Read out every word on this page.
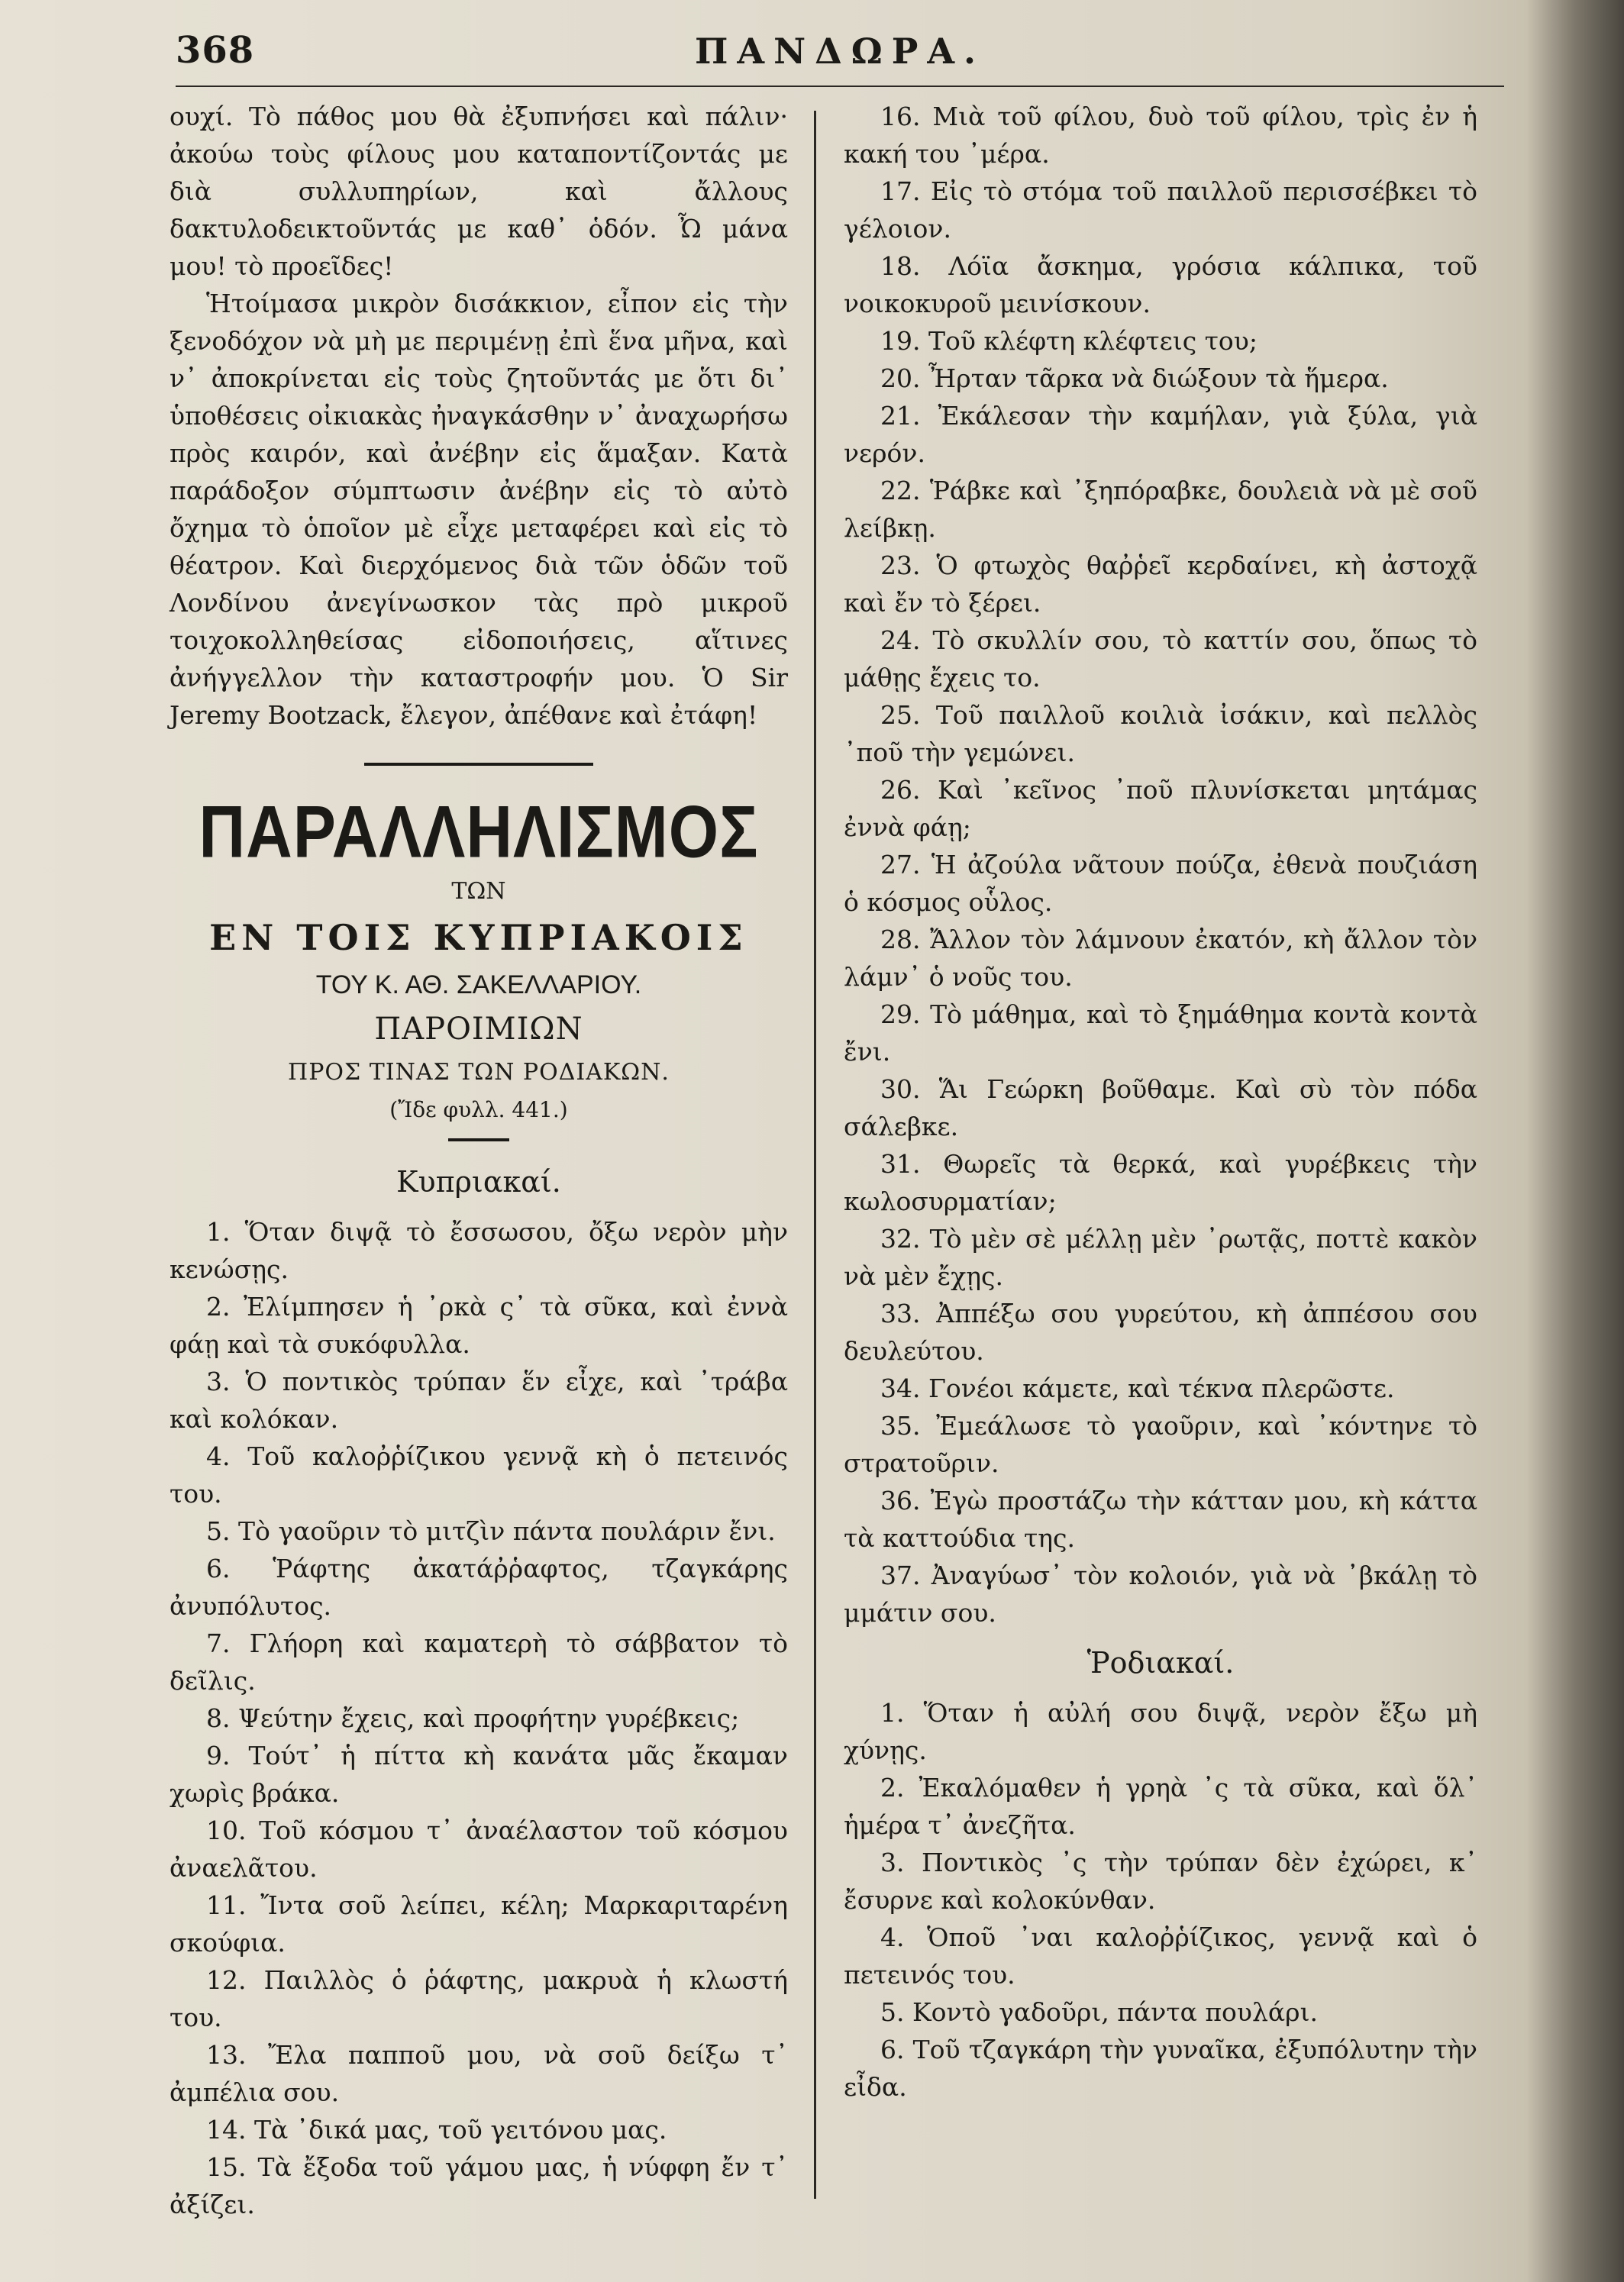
368	ΠΑΝΔΩΡΑ.

ουχί. Τὸ πάθος μου θὰ ἐξυπνήσει καὶ πάλιν· ἀκούω τοὺς φίλους μου καταποντίζοντάς με διὰ συλλυπηρίων, καὶ ἄλλους δακτυλοδεικτοῦντάς με καθ᾿ ὁδόν. Ὦ μάνα μου! τὸ προεῖδες!

Ἡτοίμασα μικρὸν δισάκκιον, εἶπον εἰς τὴν ξενοδόχον νὰ μὴ με περιμένῃ ἐπὶ ἕνα μῆνα, καὶ ν᾿ ἀποκρίνεται εἰς τοὺς ζητοῦντάς με ὅτι δι᾿ ὑποθέσεις οἰκιακὰς ἠναγκάσθην ν᾿ ἀναχωρήσω πρὸς καιρόν, καὶ ἀνέβην εἰς ἅμαξαν. Κατὰ παράδοξον σύμπτωσιν ἀνέβην εἰς τὸ αὐτὸ ὄχημα τὸ ὁποῖον μὲ εἶχε μεταφέρει καὶ εἰς τὸ θέατρον. Καὶ διερχόμενος διὰ τῶν ὁδῶν τοῦ Λονδίνου ἀνεγίνωσκον τὰς πρὸ μικροῦ τοιχοκολληθείσας εἰδοποιήσεις, αἵτινες ἀνήγγελλον τὴν καταστροφήν μου. Ὁ Sir Jeremy Bootzack, ἔλεγον, ἀπέθανε καὶ ἐτάφη!

ΠΑΡΑΛΛΗΛΙΣΜΟΣ
ΤΩΝ
ΕΝ ΤΟΙΣ ΚΥΠΡΙΑΚΟΙΣ
ΤΟΥ Κ. ΑΘ. ΣΑΚΕΛΛΑΡΙΟΥ.
ΠΑΡΟΙΜΙΩΝ
ΠΡΟΣ ΤΙΝΑΣ ΤΩΝ ΡΟΔΙΑΚΩΝ.
(Ἴδε φυλλ. 441.)
Κυπριακαί.

1. Ὅταν διψᾷ τὸ ἔσσωσου, ὄξω νερὸν μὴν κενώσῃς.

2. Ἐλίμπησεν ἡ ᾿ρκὰ ς᾿ τὰ σῦκα, καὶ ἐννὰ φάῃ καὶ τὰ συκόφυλλα.

3. Ὁ ποντικὸς τρύπαν ἕν εἶχε, καὶ ᾿τράβα καὶ κολόκαν.

4. Τοῦ καλοῤῥίζικου γεννᾷ κὴ ὁ πετεινός του.

5. Τὸ γαοῦριν τὸ μιτζὶν πάντα πουλάριν ἔνι.

6. Ῥάφτης ἀκατάῤῥαφτος, τζαγκάρης ἀνυπόλυτος.

7. Γλήορη καὶ καματερὴ τὸ σάββατον τὸ δεῖλις.

8. Ψεύτην ἔχεις, καὶ προφήτην γυρέβκεις;

9. Τούτ᾿ ἡ πίττα κὴ κανάτα μᾶς ἔκαμαν χωρὶς βράκα.

10. Τοῦ κόσμου τ᾿ ἀναέλαστον τοῦ κόσμου ἀναελᾶτου.

11. Ἴντα σοῦ λείπει, κέλη; Μαρκαριταρένη σκούφια.

12. Παιλλὸς ὁ ῥάφτης, μακρυὰ ἡ κλωστή του.

13. Ἔλα παπποῦ μου, νὰ σοῦ δείξω τ᾿ ἀμπέλια σου.

14. Τὰ ᾿δικά μας, τοῦ γειτόνου μας.

15. Τὰ ἔξοδα τοῦ γάμου μας, ἡ νύφφη ἔν τ᾿ ἀξίζει.

16. Μιὰ τοῦ φίλου, δυὸ τοῦ φίλου, τρὶς ἐν ἡ κακή του ᾿μέρα.

17. Εἰς τὸ στόμα τοῦ παιλλοῦ περισσέβκει τὸ γέλοιον.

18. Λόϊα ἄσκημα, γρόσια κάλπικα, τοῦ νοικοκυροῦ μεινίσκουν.

19. Τοῦ κλέφτη κλέφτεις του;

20. Ἦρταν τᾶρκα νὰ διώξουν τὰ ἥμερα.

21. Ἐκάλεσαν τὴν καμήλαν, γιὰ ξύλα, γιὰ νερόν.

22. Ῥάβκε καὶ ᾿ξηπόραβκε, δουλειὰ νὰ μὲ σοῦ λείβκῃ.

23. Ὁ φτωχὸς θαῤῥεῖ κερδαίνει, κὴ ἀστοχᾷ καὶ ἔν τὸ ξέρει.

24. Τὸ σκυλλίν σου, τὸ καττίν σου, ὅπως τὸ μάθῃς ἔχεις το.

25. Τοῦ παιλλοῦ κοιλιὰ ἰσάκιν, καὶ πελλὸς ᾿ποῦ τὴν γεμώνει.

26. Καὶ ᾿κεῖνος ᾿ποῦ πλυνίσκεται μητάμας ἐννὰ φάῃ;

27. Ἡ ἀζούλα νᾶτουν πούζα, ἐθενὰ πουζιάση ὁ κόσμος οὗλος.

28. Ἄλλον τὸν λάμνουν ἐκατόν, κὴ ἄλλον τὸν λάμν᾿ ὁ νοῦς του.

29. Τὸ μάθημα, καὶ τὸ ξημάθημα κοντὰ κοντὰ ἔνι.

30. Ἅι Γεώρκη βοῦθαμε. Καὶ σὺ τὸν πόδα σάλεβκε.

31. Θωρεῖς τὰ θερκά, καὶ γυρέβκεις τὴν κωλοσυρματίαν;

32. Τὸ μὲν σὲ μέλλῃ μὲν ᾿ρωτᾷς, ποττὲ κακὸν νὰ μὲν ἔχῃς.

33. Ἀππέξω σου γυρεύτου, κὴ ἀππέσου σου δευλεύτου.

34. Γονέοι κάμετε, καὶ τέκνα πλερῶστε.

35. Ἐμεάλωσε τὸ γαοῦριν, καὶ ᾿κόντηνε τὸ στρατοῦριν.

36. Ἐγὼ προστάζω τὴν κάτταν μου, κὴ κάττα τὰ καττούδια της.

37. Ἀναγύωσ᾿ τὸν κολοιόν, γιὰ νὰ ᾿βκάλῃ τὸ μμάτιν σου.

Ῥοδιακαί.

1. Ὅταν ἡ αὐλή σου διψᾷ, νερὸν ἔξω μὴ χύνῃς.

2. Ἐκαλόμαθεν ἡ γρηὰ ᾿ς τὰ σῦκα, καὶ ὅλ᾿ ἡμέρα τ᾿ ἀνεζῆτα.

3. Ποντικὸς ᾿ς τὴν τρύπαν δὲν ἐχώρει, κ᾿ ἔσυρνε καὶ κολοκύνθαν.

4. Ὁποῦ ᾿ναι καλοῤῥίζικος, γεννᾷ καὶ ὁ πετεινός του.

5. Κοντὸ γαδοῦρι, πάντα πουλάρι.

6. Τοῦ τζαγκάρη τὴν γυναῖκα, ἐξυπόλυτην τὴν εἶδα.
